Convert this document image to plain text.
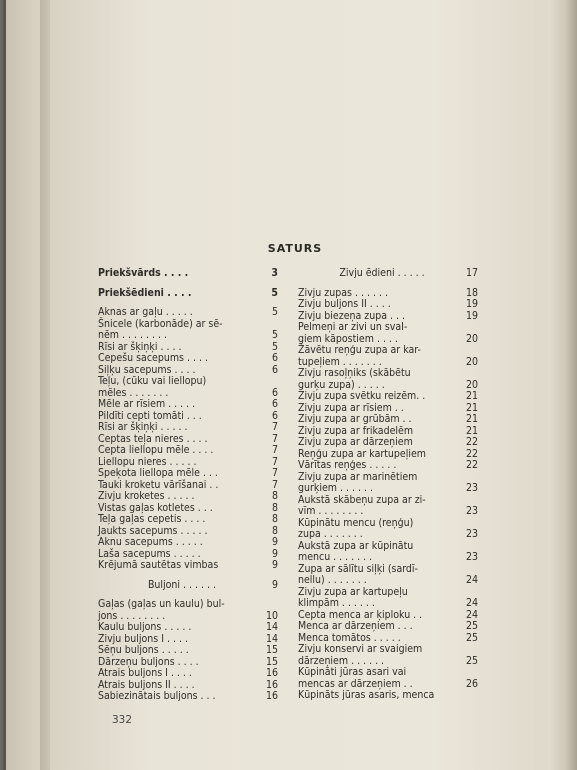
SATURS
Priekšvārds . . . .	3
Priekšēdieni . . . .	5
Aknas ar gaļu . . . . .	5
Šnicele (karbonāde) ar sē-
nēm . . . . . . . .	5
Rīsi ar šķiņķi . . . .	5
Cepešu sacepums . . . .	6
Siļķu sacepums . . . .	6
Teļu, (cūku vai liellopu)
mēles . . . . . . .	6
Mēle ar rīsiem . . . . .	6
Pildīti cepti tomāti . . .	6
Rīsi ar šķiņķi . . . . .	7
Ceptas teļa nieres . . . .	7
Cepta liellopu mēle . . . .	7
Liellopu nieres . . . . .	7
Speķota liellopa mēle . . .	7
Tauki kroketu vārīšanai . .	7
Zivju kroketes . . . . .	8
Vistas gaļas kotletes . . .	8
Teļa gaļas cepetis . . . .	8
Jaukts sacepums . . . . .	8
Aknu sacepums . . . . .	9
Laša sacepums . . . . .	9
Krējumā sautētas vimbas	9
Buljoni . . . . . .	9
Gaļas (gaļas un kaulu) bul-
jons . . . . . . . .	10
Kaulu buljons . . . . .	14
Zivju buljons I . . . .	14
Sēņu buljons . . . . .	15
Dārzeņu buljons . . . .	15
Atrais buljons I . . . .	16
Atrais buljons II . . . .	16
Sabiezinātais buljons . . .	16
Zivju ēdieni . . . . .	17
Zivju zupas . . . . . .	18
Zivju buljons II . . . .	19
Zivju biezeņa zupa . . .	19
Pelmeņi ar zivi un svaI-
giem kāpostiem . . . .	20
Žāvētu reņģu zupa ar kar-
tupeļiem . . . . . . .	20
Zivju rasoļņiks (skābētu
gurķu zupa) . . . . .	20
Zivju zupa svētku reizēm. .	21
Zivju zupa ar rīsiem . .	21
Zivju zupa ar grūbām . .	21
Zivju zupa ar frikadelēm	21
Zivju zupa ar dārzeņiem	22
Reņģu zupa ar kartupeļiem	22
Vārītas reņģes . . . . .	22
Zivju zupa ar marinētiem
gurķiem . . . . . .	23
Aukstā skābeņu zupa ar zi-
vīm . . . . . . . .	23
Kūpinātu mencu (reņģu)
zupa . . . . . . .	23
Aukstā zupa ar kūpinātu
mencu . . . . . . .	23
Zupa ar sālītu siļķi (sardī-
nellu) . . . . . . .	24
Zivju zupa ar kartupeļu
klimpām . . . . . .	24
Cepta menca ar ķiploku . .	24
Menca ar dārzeņiem . . .	25
Menca tomātos . . . . .	25
Zivju konservi ar svaigiem
dārzeņiem . . . . . .	25
Kūpināti jūras asari vai
mencas ar dārzeņiem . .	26
Kūpināts jūras asaris, menca
332
